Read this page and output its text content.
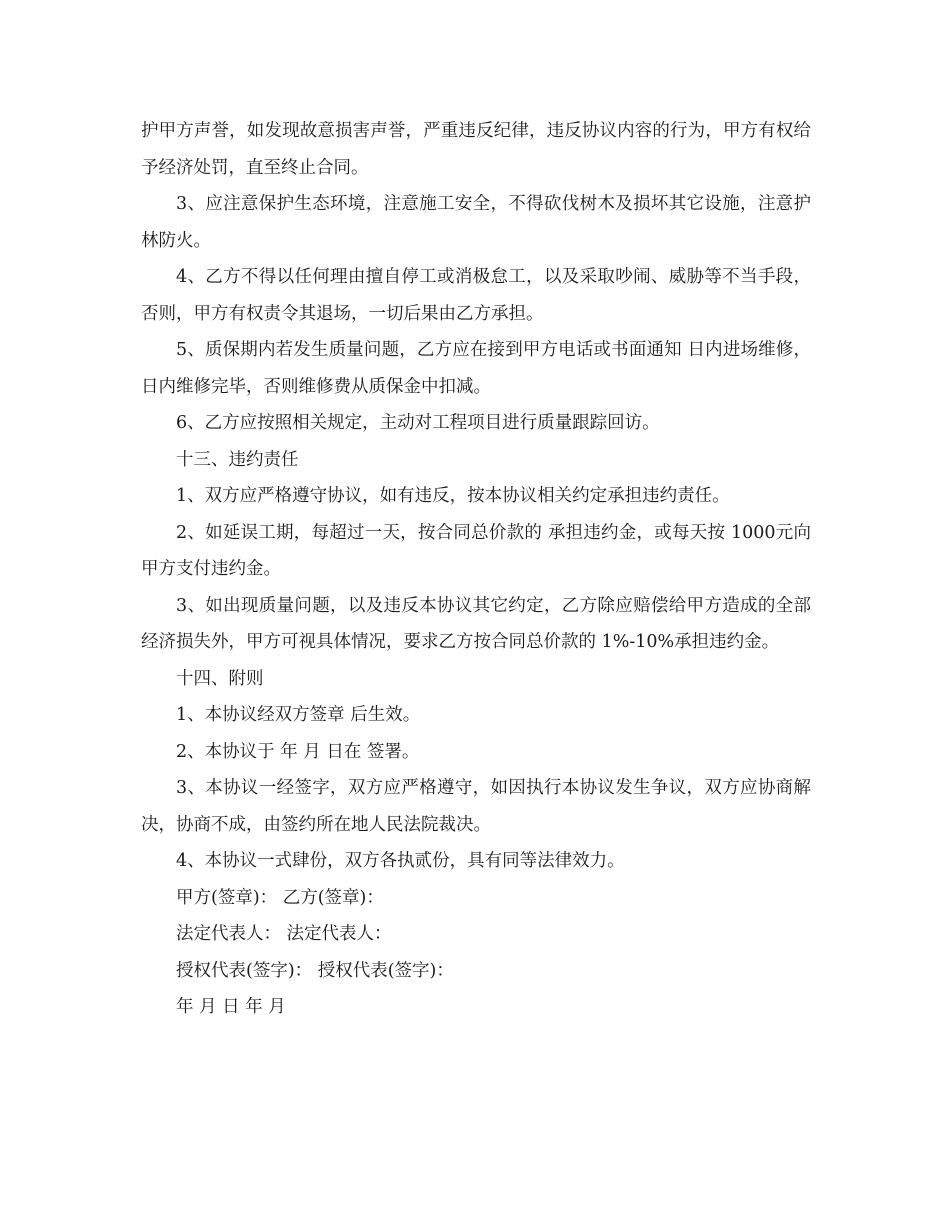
护甲方声誉，如发现故意损害声誉，严重违反纪律，违反协议内容的行为，甲方有权给予经济处罚，直至终止合同。

3、应注意保护生态环境，注意施工安全，不得砍伐树木及损坏其它设施，注意护林防火。

4、乙方不得以任何理由擅自停工或消极怠工，以及采取吵闹、威胁等不当手段，否则，甲方有权责令其退场，一切后果由乙方承担。

5、质保期内若发生质量问题，乙方应在接到甲方电话或书面通知 日内进场维修， 日内维修完毕，否则维修费从质保金中扣减。

6、乙方应按照相关规定，主动对工程项目进行质量跟踪回访。

十三、违约责任

1、双方应严格遵守协议，如有违反，按本协议相关约定承担违约责任。

2、如延误工期，每超过一天，按合同总价款的 承担违约金，或每天按 1000元向甲方支付违约金。

3、如出现质量问题，以及违反本协议其它约定，乙方除应赔偿给甲方造成的全部经济损失外，甲方可视具体情况，要求乙方按合同总价款的 1%-10%承担违约金。

十四、附则

1、本协议经双方签章 后生效。

2、本协议于 年 月 日在 签署。

3、本协议一经签字，双方应严格遵守，如因执行本协议发生争议，双方应协商解决，协商不成，由签约所在地人民法院裁决。

4、本协议一式肆份，双方各执贰份，具有同等法律效力。

甲方(签章)： 乙方(签章)：

法定代表人： 法定代表人：

授权代表(签字)： 授权代表(签字)：

年 月 日 年 月
